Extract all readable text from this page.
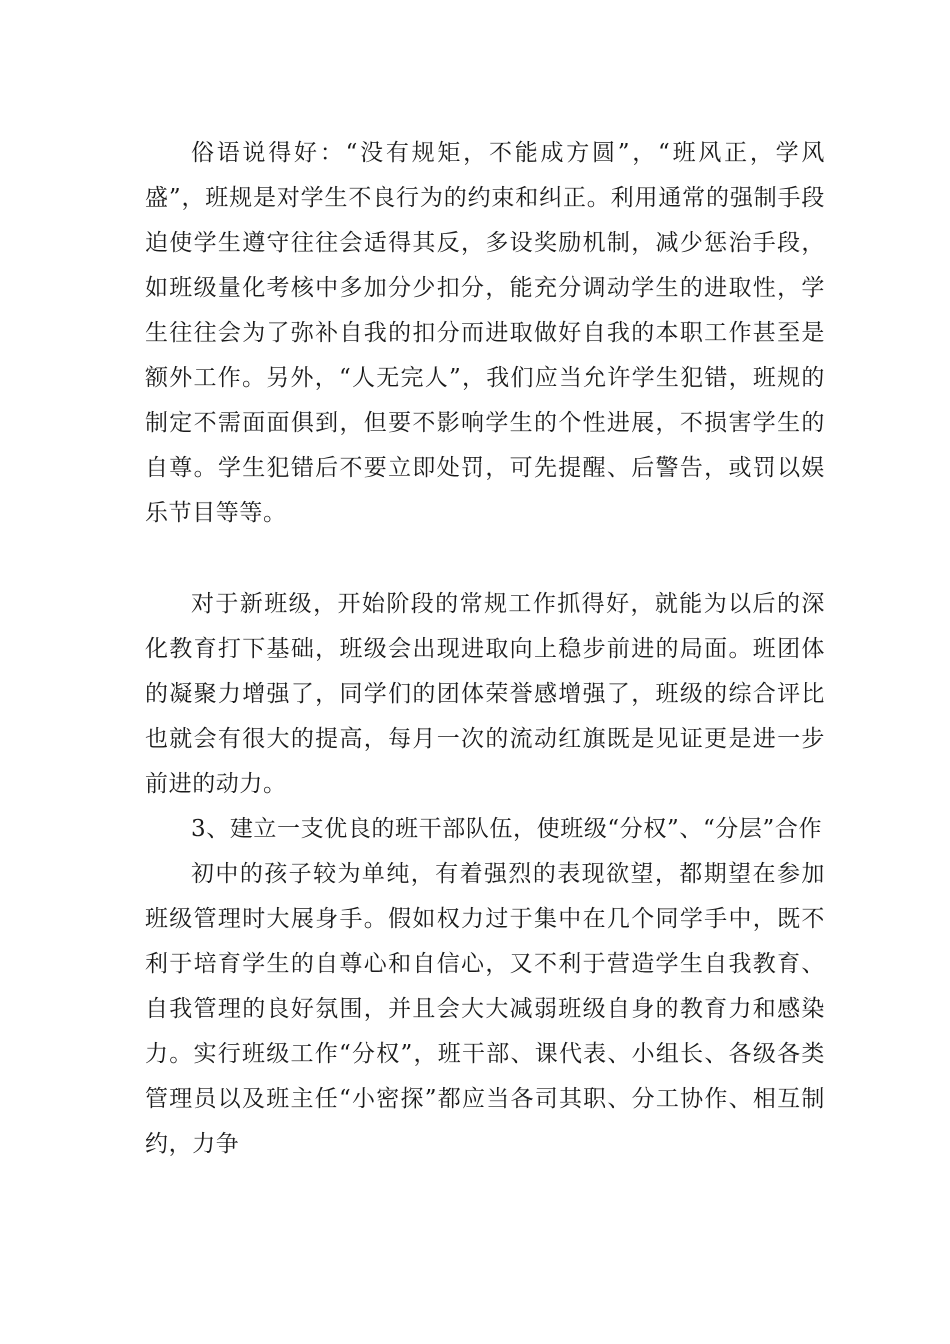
俗语说得好：“没有规矩，不能成方圆”，“班风正，学风盛”，班规是对学生不良行为的约束和纠正。利用通常的强制手段迫使学生遵守往往会适得其反，多设奖励机制，减少惩治手段，如班级量化考核中多加分少扣分，能充分调动学生的进取性，学生往往会为了弥补自我的扣分而进取做好自我的本职工作甚至是额外工作。另外，“人无完人”，我们应当允许学生犯错，班规的制定不需面面俱到，但要不影响学生的个性进展，不损害学生的自尊。学生犯错后不要立即处罚，可先提醒、后警告，或罚以娱乐节目等等。

对于新班级，开始阶段的常规工作抓得好，就能为以后的深化教育打下基础，班级会出现进取向上稳步前进的局面。班团体的凝聚力增强了，同学们的团体荣誉感增强了，班级的综合评比也就会有很大的提高，每月一次的流动红旗既是见证更是进一步前进的动力。

3、建立一支优良的班干部队伍，使班级“分权”、“分层”合作

初中的孩子较为单纯，有着强烈的表现欲望，都期望在参加班级管理时大展身手。假如权力过于集中在几个同学手中，既不利于培育学生的自尊心和自信心，又不利于营造学生自我教育、自我管理的良好氛围，并且会大大减弱班级自身的教育力和感染力。实行班级工作“分权”，班干部、课代表、小组长、各级各类管理员以及班主任“小密探”都应当各司其职、分工协作、相互制约，力争
